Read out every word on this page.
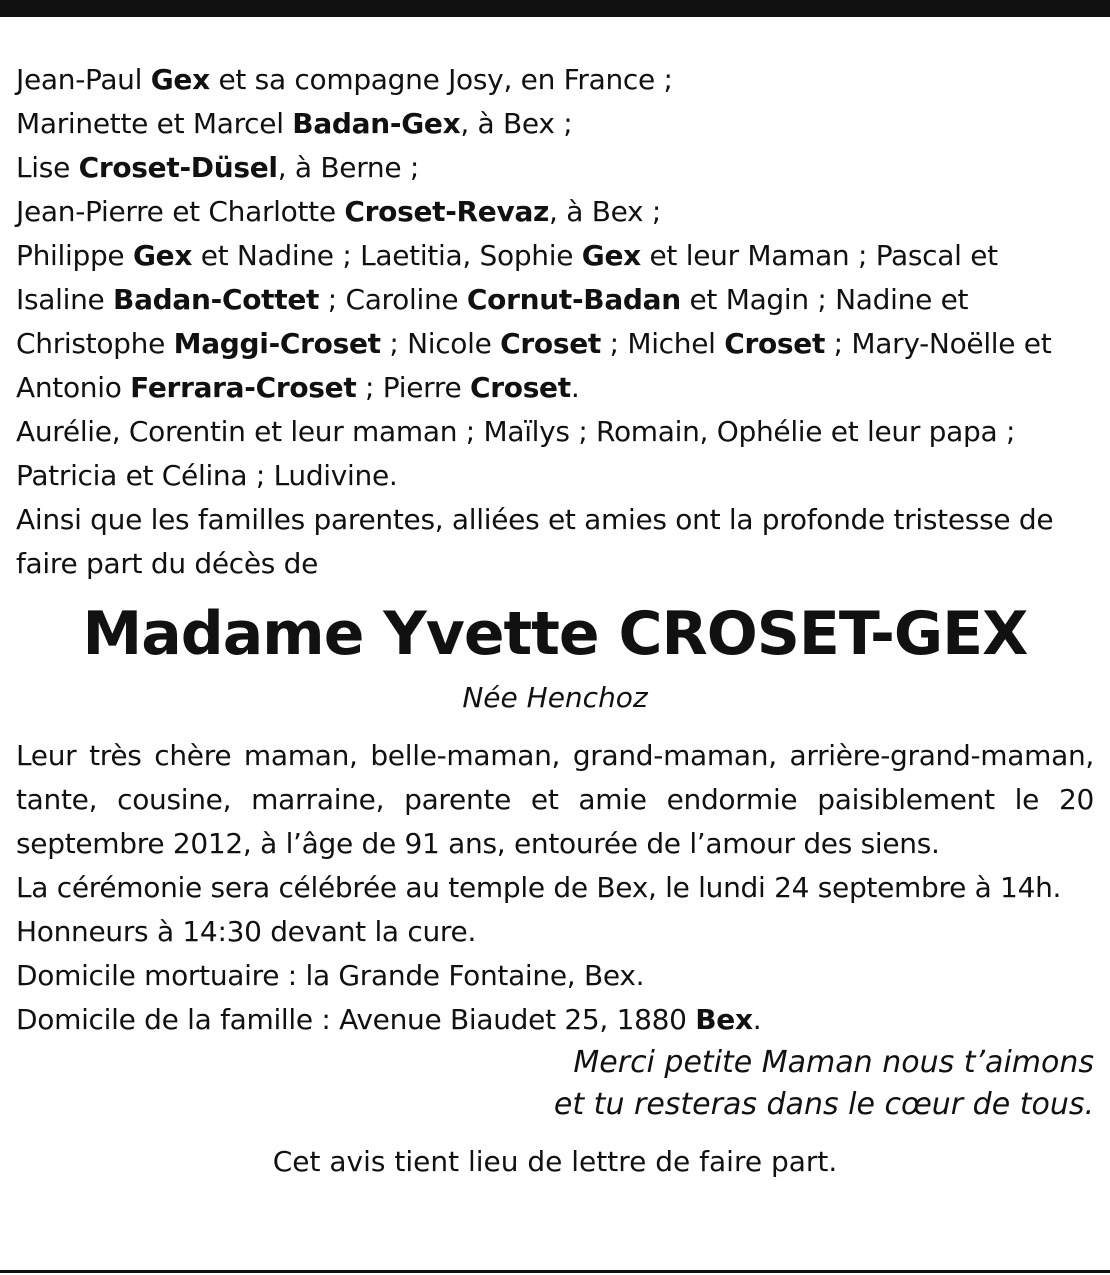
Jean-Paul Gex et sa compagne Josy, en France ;

Marinette et Marcel Badan-Gex, à Bex ;

Lise Croset-Düsel, à Berne ;

Jean-Pierre et Charlotte Croset-Revaz, à Bex ;

Philippe Gex et Nadine ; Laetitia, Sophie Gex et leur Maman ; Pascal et Isaline Badan-Cottet ; Caroline Cornut-Badan et Magin ; Nadine et Christophe Maggi-Croset ; Nicole Croset ; Michel Croset ; Mary-Noëlle et Antonio Ferrara-Croset ; Pierre Croset.

Aurélie, Corentin et leur maman ; Maïlys ; Romain, Ophélie et leur papa ; Patricia et Célina ; Ludivine.

Ainsi que les familles parentes, alliées et amies ont la profonde tristesse de faire part du décès de

Madame Yvette CROSET-GEX

Née Henchoz

Leur très chère maman, belle-maman, grand-maman, arrière-grand-maman, tante, cousine, marraine, parente et amie endormie paisiblement le 20 septembre 2012, à l’âge de 91 ans, entourée de l’amour des siens.

La cérémonie sera célébrée au temple de Bex, le lundi 24 septembre à 14h.

Honneurs à 14:30 devant la cure.

Domicile mortuaire : la Grande Fontaine, Bex.

Domicile de la famille : Avenue Biaudet 25, 1880 Bex.

Merci petite Maman nous t’aimons

et tu resteras dans le cœur de tous.

Cet avis tient lieu de lettre de faire part.
